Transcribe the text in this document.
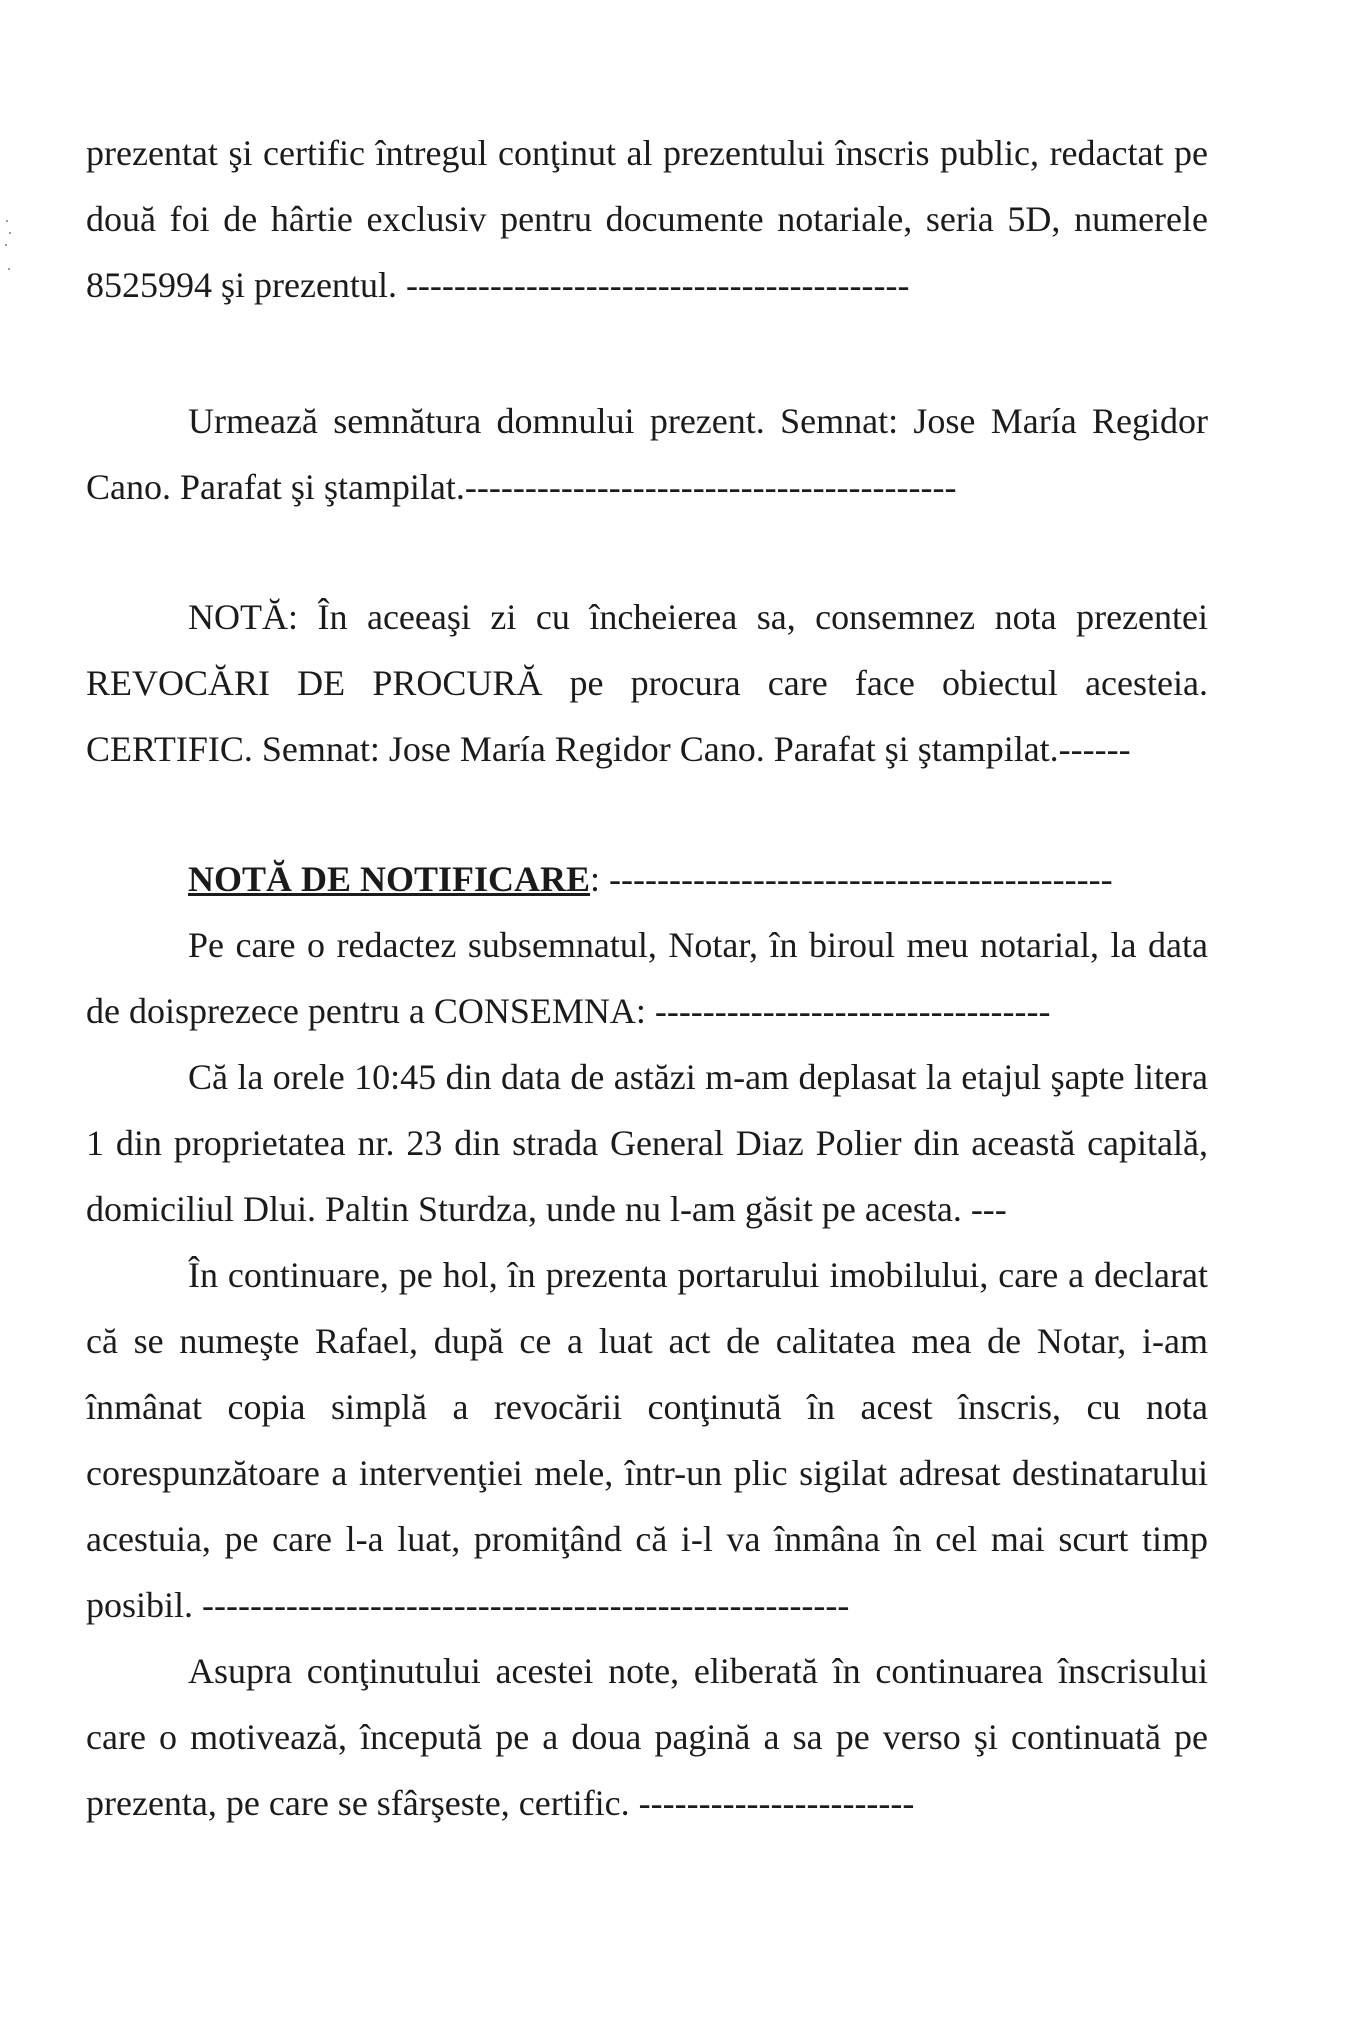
prezentat şi certific întregul conţinut al prezentului înscris public, redactat pe două foi de hârtie exclusiv pentru documente notariale, seria 5D, numerele 8525994 şi prezentul. ------------------------------------------

Urmează semnătura domnului prezent. Semnat: Jose María Regidor Cano. Parafat şi ştampilat.-----------------------------------------

NOTĂ: În aceeaşi zi cu încheierea sa, consemnez nota prezentei REVOCĂRI DE PROCURĂ pe procura care face obiectul acesteia. CERTIFIC. Semnat: Jose María Regidor Cano. Parafat şi ştampilat.------

NOTĂ DE NOTIFICARE: ------------------------------------------

Pe care o redactez subsemnatul, Notar, în biroul meu notarial, la data de doisprezece pentru a CONSEMNA: ---------------------------------

Că la orele 10:45 din data de astăzi m-am deplasat la etajul şapte litera 1 din proprietatea nr. 23 din strada General Diaz Polier din această capitală, domiciliul Dlui. Paltin Sturdza, unde nu l-am găsit pe acesta. ---

În continuare, pe hol, în prezenta portarului imobilului, care a declarat că se numeşte Rafael, după ce a luat act de calitatea mea de Notar, i-am înmânat copia simplă a revocării conţinută în acest înscris, cu nota corespunzătoare a intervenţiei mele, într-un plic sigilat adresat destinatarului acestuia, pe care l-a luat, promiţând că i-l va înmâna în cel mai scurt timp posibil. ------------------------------------------------------

Asupra conţinutului acestei note, eliberată în continuarea înscrisului care o motivează, începută pe a doua pagină a sa pe verso şi continuată pe prezenta, pe care se sfârşeste, certific. -----------------------
